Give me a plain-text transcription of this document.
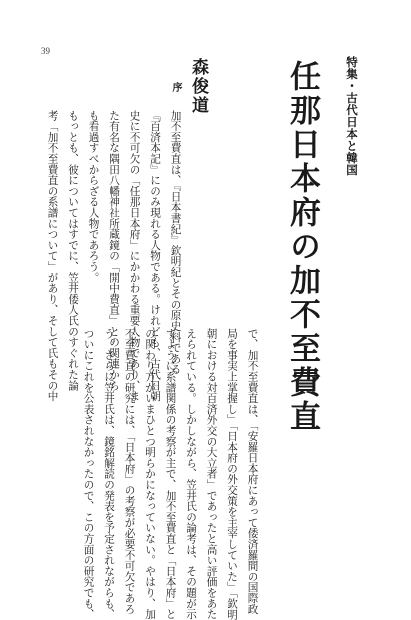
39
特集・古代日本と韓国
任那日本府の加不至費直
森俊道
序
加不至費直は、『日本書紀』欽明紀とその原史料である
『百済本記』にのみ現れる人物である。けれども、古代日朝
史に不可欠の「任那日本府」にかかわる重要人物であり、ま
た有名な隅田八幡神社所蔵鏡の「開中費直」との関連から
も看過すべからざる人物であろう。
もっとも、彼についてはすでに、笠井倭人氏のすぐれた論
考「加不至費直の系譜について」があり、そして氏もその中
で、加不至費直は、「安羅日本府にあって倭済羅間の国際政
局を事実上掌握し」「日本府の外交策を主宰していた」「欽明
朝における対百済外交の大立者」であったと高い評価をあた
えられている。しかしながら、笠井氏の論考は、その題が示
すように系譜関係の考察が主で、加不至費直と「日本府」と
の関わり方がいまひとつ明らかになっていない。やはり、加
不至費直の研究には、「日本府」の考察が必要不可欠であろ
う。さらに笠井氏は、鏡銘解読の発表を予定されながらも、
ついにこれを公表されなかったので、この方面の研究でも、
